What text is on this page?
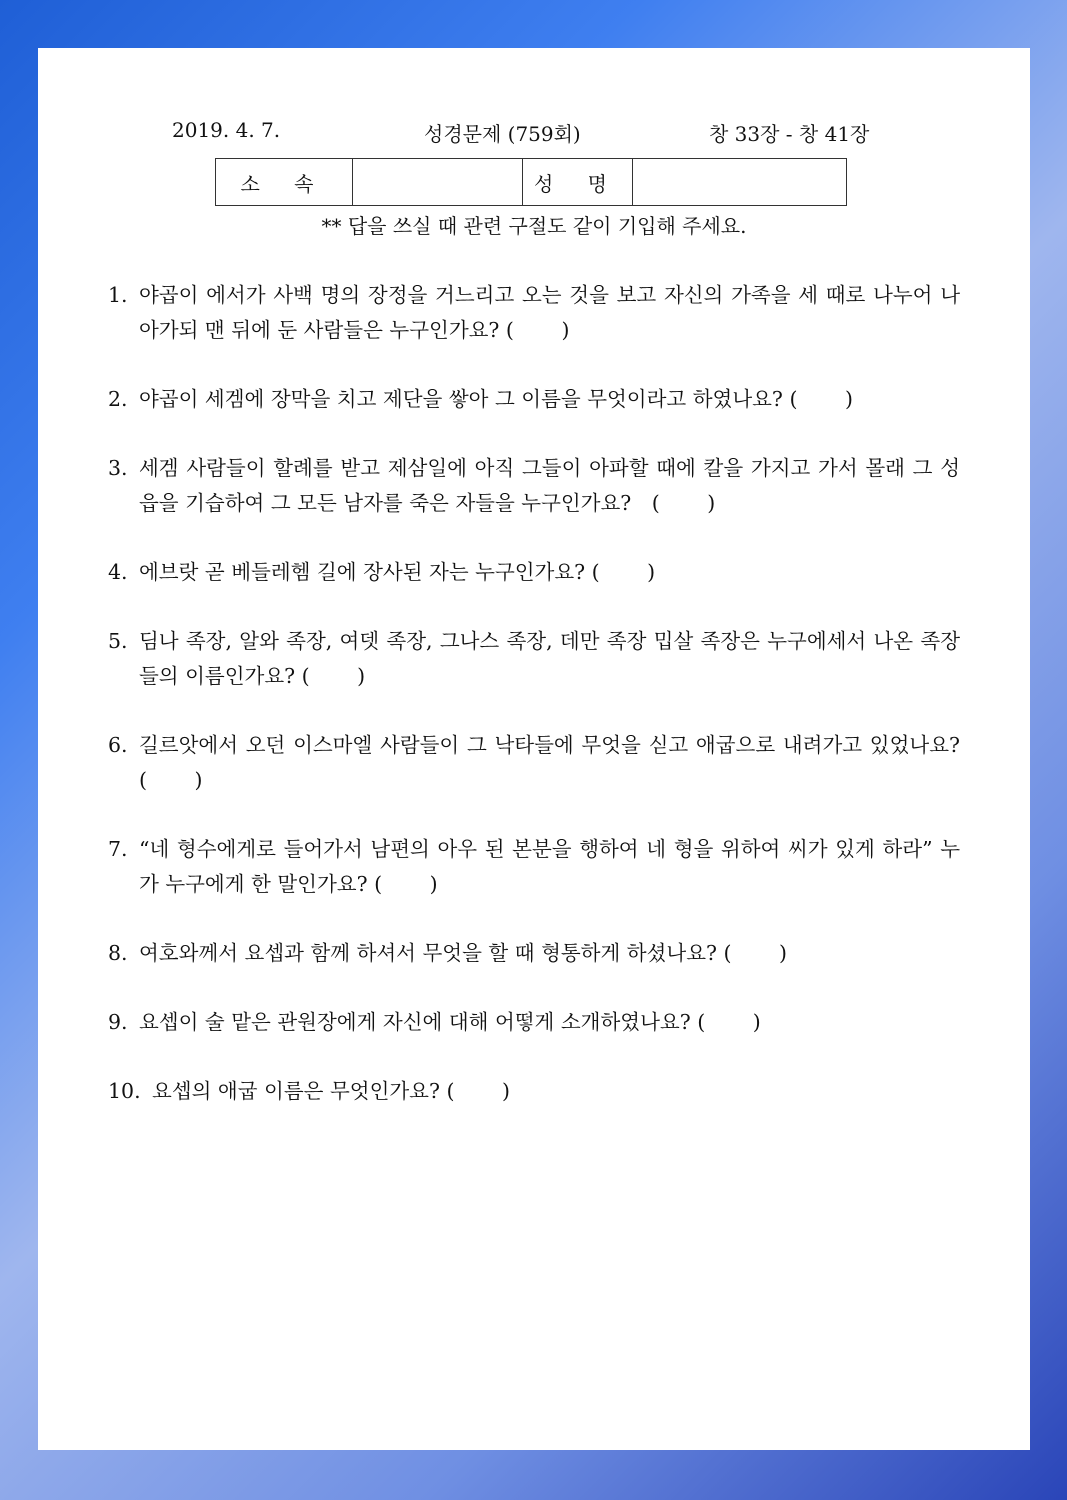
2019. 4. 7.	성경문제 (759회)	창 33장 - 창 41장
소 속	성 명
** 답을 쓰실 때 관련 구절도 같이 기입해 주세요.
1. 야곱이 에서가 사백 명의 장정을 거느리고 오는 것을 보고 자신의 가족을 세 때로 나누어 나아가되 맨 뒤에 둔 사람들은 누구인가요? (　　 )
2. 야곱이 세겜에 장막을 치고 제단을 쌓아 그 이름을 무엇이라고 하였나요? (　　 )
3. 세겜 사람들이 할례를 받고 제삼일에 아직 그들이 아파할 때에 칼을 가지고 가서 몰래 그 성읍을 기습하여 그 모든 남자를 죽은 자들을 누구인가요?　(　　 )
4. 에브랏 곧 베들레헴 길에 장사된 자는 누구인가요? (　　 )
5. 딤나 족장, 알와 족장, 여뎃 족장, 그나스 족장, 데만 족장 밉살 족장은 누구에세서 나온 족장들의 이름인가요? (　　 )
6. 길르앗에서 오던 이스마엘 사람들이 그 낙타들에 무엇을 싣고 애굽으로 내려가고 있었나요? (　　 )
7. “네 형수에게로 들어가서 남편의 아우 된 본분을 행하여 네 형을 위하여 씨가 있게 하라” 누가 누구에게 한 말인가요? (　　 )
8. 여호와께서 요셉과 함께 하셔서 무엇을 할 때 형통하게 하셨나요? (　　 )
9. 요셉이 술 맡은 관원장에게 자신에 대해 어떻게 소개하였나요? (　　 )
10. 요셉의 애굽 이름은 무엇인가요? (　　 )
